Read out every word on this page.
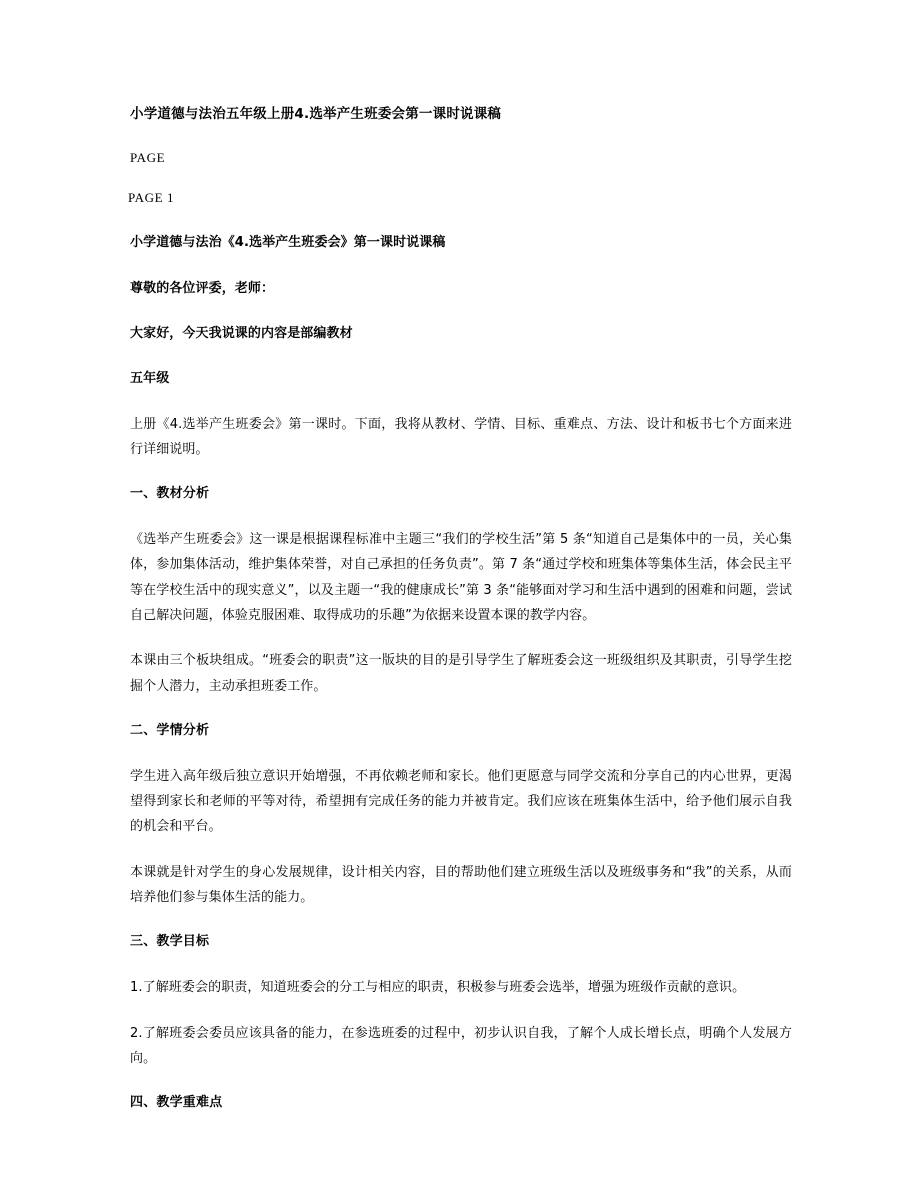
小学道德与法治五年级上册4.选举产生班委会第一课时说课稿
PAGE
PAGE 1
小学道德与法治《4.选举产生班委会》第一课时说课稿
尊敬的各位评委，老师：
大家好，今天我说课的内容是部编教材
五年级
上册《4.选举产生班委会》第一课时。下面，我将从教材、学情、目标、重难点、方法、设计和板书七个方面来进行详细说明。
一、教材分析
《选举产生班委会》这一课是根据课程标准中主题三“我们的学校生活”第 5 条“知道自己是集体中的一员，关心集体，参加集体活动，维护集体荣誉，对自己承担的任务负责”。第 7 条“通过学校和班集体等集体生活，体会民主平等在学校生活中的现实意义”，以及主题一“我的健康成长”第 3 条“能够面对学习和生活中遇到的困难和问题，尝试自己解决问题，体验克服困难、取得成功的乐趣”为依据来设置本课的教学内容。
本课由三个板块组成。“班委会的职责”这一版块的目的是引导学生了解班委会这一班级组织及其职责，引导学生挖掘个人潜力，主动承担班委工作。
二、学情分析
学生进入高年级后独立意识开始增强，不再依赖老师和家长。他们更愿意与同学交流和分享自己的内心世界，更渴望得到家长和老师的平等对待，希望拥有完成任务的能力并被肯定。我们应该在班集体生活中，给予他们展示自我的机会和平台。
本课就是针对学生的身心发展规律，设计相关内容，目的帮助他们建立班级生活以及班级事务和“我”的关系，从而培养他们参与集体生活的能力。
三、教学目标
1.了解班委会的职责，知道班委会的分工与相应的职责，积极参与班委会选举，增强为班级作贡献的意识。
2.了解班委会委员应该具备的能力，在参选班委的过程中，初步认识自我，了解个人成长增长点，明确个人发展方向。
四、教学重难点
